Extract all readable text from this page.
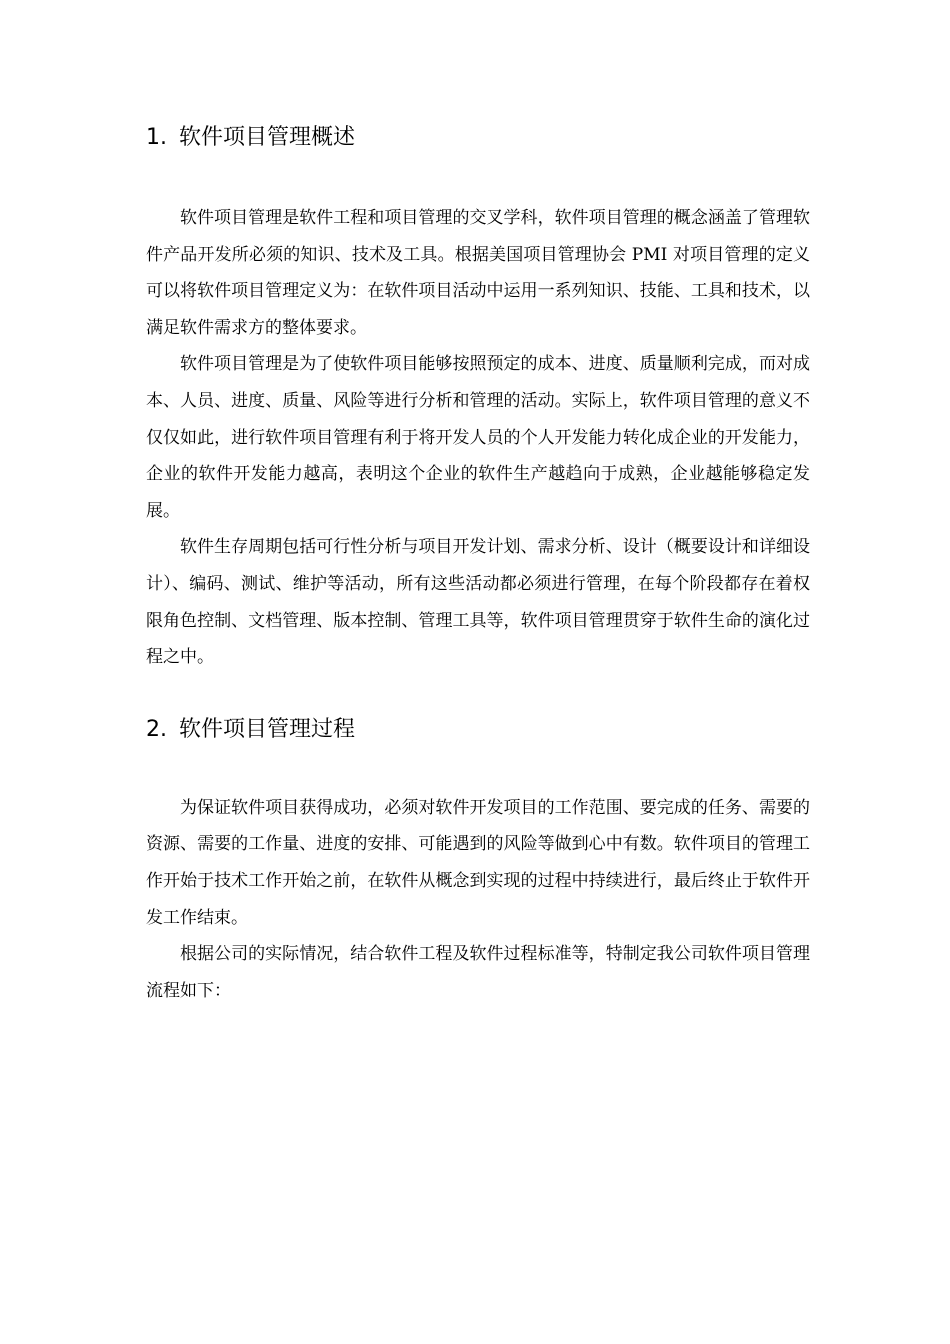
1. 软件项目管理概述

软件项目管理是软件工程和项目管理的交叉学科，软件项目管理的概念涵盖了管理软件产品开发所必须的知识、技术及工具。根据美国项目管理协会 PMI 对项目管理的定义可以将软件项目管理定义为：在软件项目活动中运用一系列知识、技能、工具和技术，以满足软件需求方的整体要求。

软件项目管理是为了使软件项目能够按照预定的成本、进度、质量顺利完成，而对成本、人员、进度、质量、风险等进行分析和管理的活动。实际上，软件项目管理的意义不仅仅如此，进行软件项目管理有利于将开发人员的个人开发能力转化成企业的开发能力，企业的软件开发能力越高，表明这个企业的软件生产越趋向于成熟，企业越能够稳定发展。

软件生存周期包括可行性分析与项目开发计划、需求分析、设计（概要设计和详细设计）、编码、测试、维护等活动，所有这些活动都必须进行管理，在每个阶段都存在着权限角色控制、文档管理、版本控制、管理工具等，软件项目管理贯穿于软件生命的演化过程之中。

2. 软件项目管理过程

为保证软件项目获得成功，必须对软件开发项目的工作范围、要完成的任务、需要的资源、需要的工作量、进度的安排、可能遇到的风险等做到心中有数。软件项目的管理工作开始于技术工作开始之前，在软件从概念到实现的过程中持续进行，最后终止于软件开发工作结束。

根据公司的实际情况，结合软件工程及软件过程标准等，特制定我公司软件项目管理流程如下：
